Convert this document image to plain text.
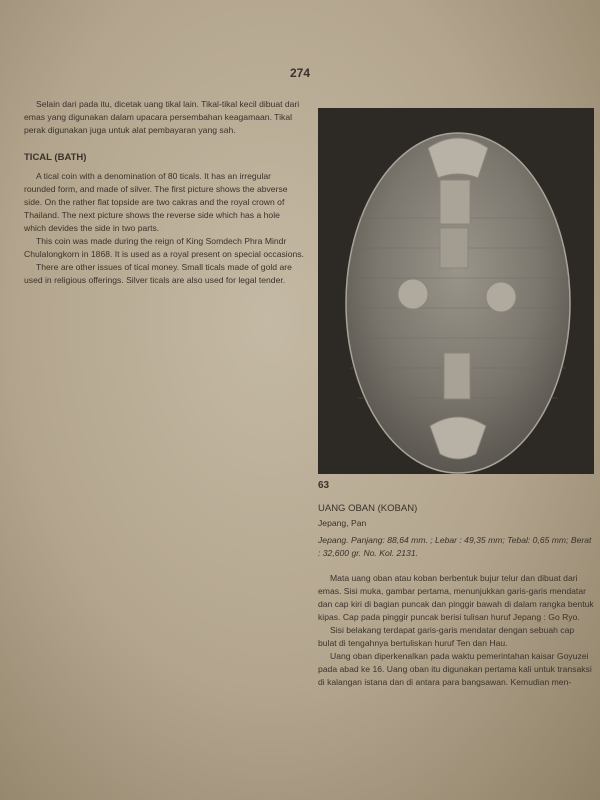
274

Selain dari pada itu, dicetak uang tikal lain. Tikal-tikal kecil dibuat dari emas yang digunakan dalam upacara persembahan keagamaan. Tikal perak digunakan juga untuk alat pembayaran yang sah.

TICAL (BATH)

A tical coin with a denomination of 80 ticals. It has an irregular rounded form, and made of silver. The first picture shows the abverse side. On the rather flat topside are two cakras and the royal crown of Thailand. The next picture shows the reverse side which has a hole which devides the side in two parts.

This coin was made during the reign of King Somdech Phra Mindr Chulalongkorn in 1868. It is used as a royal present on special occasions.

There are other issues of tical money. Small ticals made of gold are used in religious offerings. Silver ticals are also used for legal tender.

63
UANG OBAN (KOBAN)
Jepang, Pan
Jepang. Panjang: 88,64 mm. ; Lebar : 49,35 mm; Tebal: 0,65 mm; Berat : 32,600 gr. No. Kol. 2131.

Mata uang oban atau koban berbentuk bujur telur dan dibuat dari emas. Sisi muka, gambar pertama, menunjukkan garis-garis mendatar dan cap kiri di bagian puncak dan pinggir bawah di dalam rangka bentuk kipas. Cap pada pinggir puncak berisi tulisan huruf Jepang : Go Ryo.

Sisi belakang terdapat garis-garis mendatar dengan sebuah cap bulat di tengahnya bertuliskan huruf Ten dan Hau.

Uang oban diperkenalkan pada waktu pemerintahan kaisar Goyuzei pada abad ke 16. Uang oban itu digunakan pertama kali untuk transaksi di kalangan istana dan di antara para bangsawan. Kemudian men-
